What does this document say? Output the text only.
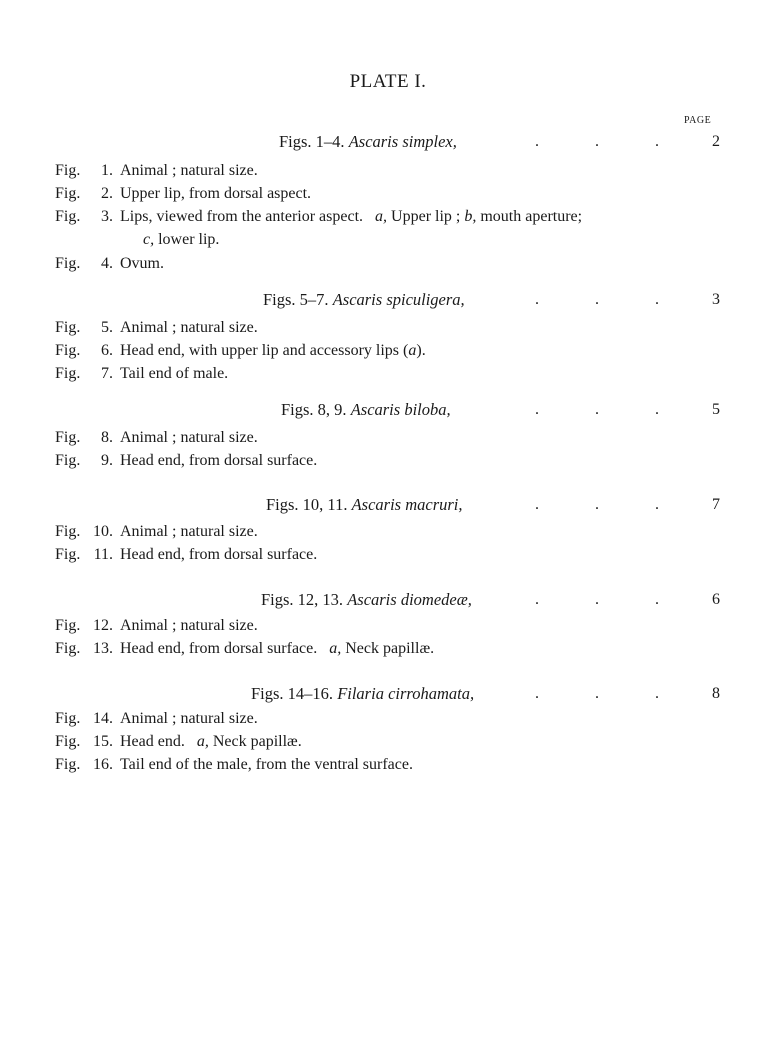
PLATE I.
PAGE
Figs. 1–4. Ascaris simplex,	.	.	.	2
Fig.	1. Animal ; natural size.
Fig.	2. Upper lip, from dorsal aspect.
Fig.	3. Lips, viewed from the anterior aspect. a, Upper lip ; b, mouth aperture;
c, lower lip.
Fig.	4. Ovum.
Figs. 5–7. Ascaris spiculigera,	.	.	.	3
Fig.	5. Animal ; natural size.
Fig.	6. Head end, with upper lip and accessory lips (a).
Fig.	7. Tail end of male.
Figs. 8, 9. Ascaris biloba,	.	.	.	5
Fig.	8. Animal ; natural size.
Fig.	9. Head end, from dorsal surface.
Figs. 10, 11. Ascaris macruri,	.	.	.	7
Fig. 10. Animal ; natural size.
Fig. 11. Head end, from dorsal surface.
Figs. 12, 13. Ascaris diomedeæ,	.	.	.	6
Fig. 12. Animal ; natural size.
Fig. 13. Head end, from dorsal surface. a, Neck papillæ.
Figs. 14–16. Filaria cirrohamata,	.	.	.	8
Fig. 14. Animal ; natural size.
Fig. 15. Head end. a, Neck papillæ.
Fig. 16. Tail end of the male, from the ventral surface.
